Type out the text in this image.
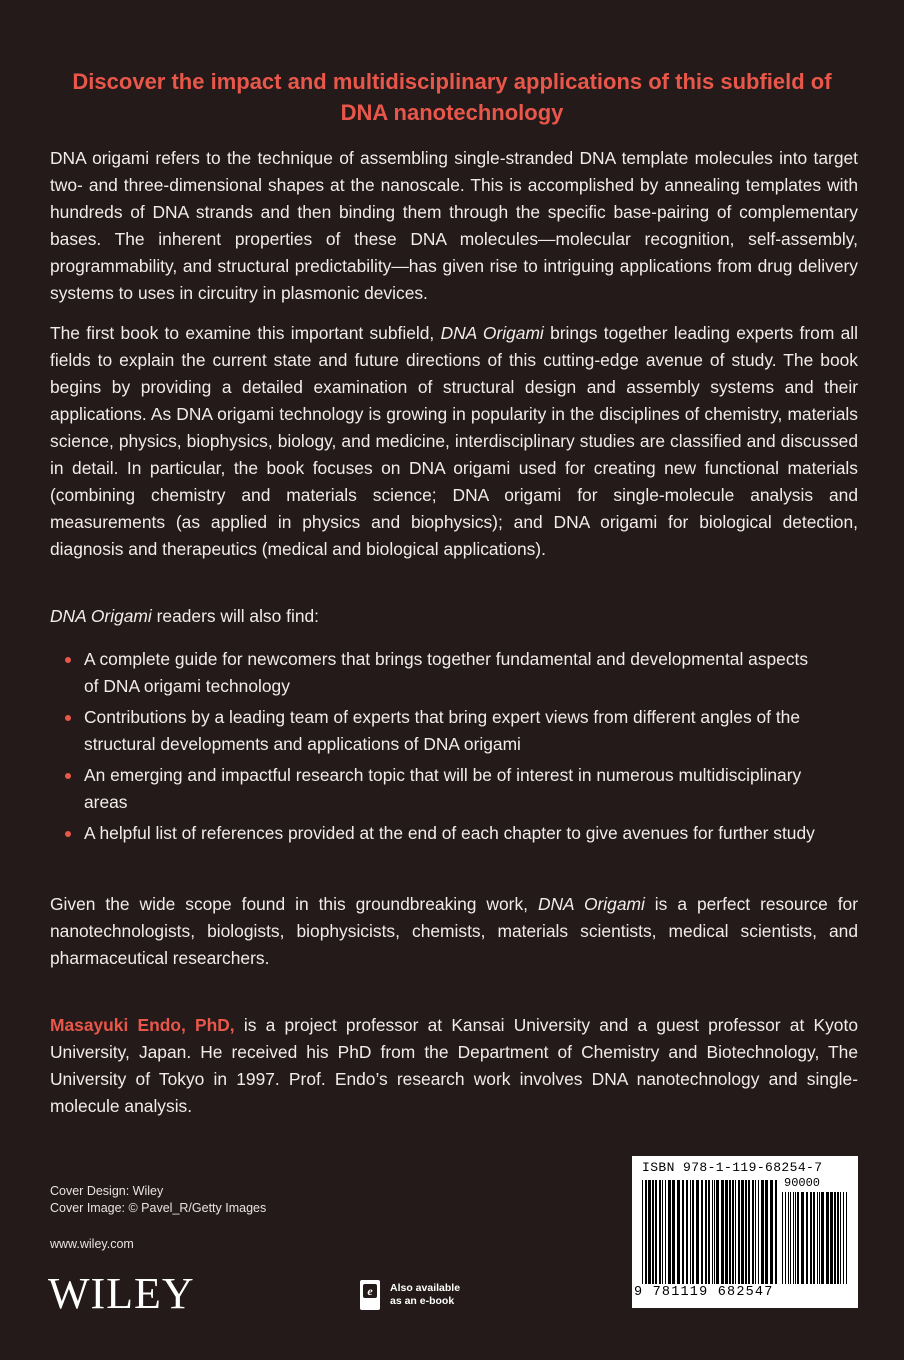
Discover the impact and multidisciplinary applications of this subfield of DNA nanotechnology

DNA origami refers to the technique of assembling single-stranded DNA template molecules into target two- and three-dimensional shapes at the nanoscale. This is accomplished by annealing templates with hundreds of DNA strands and then binding them through the specific base-pairing of complementary bases. The inherent properties of these DNA molecules—molecular recognition, self-assembly, programmability, and structural predictability—has given rise to intriguing applications from drug delivery systems to uses in circuitry in plasmonic devices.

The first book to examine this important subfield, DNA Origami brings together leading experts from all fields to explain the current state and future directions of this cutting-edge avenue of study. The book begins by providing a detailed examination of structural design and assembly systems and their applications. As DNA origami technology is growing in popularity in the disciplines of chemistry, materials science, physics, biophysics, biology, and medicine, interdisciplinary studies are classified and discussed in detail. In particular, the book focuses on DNA origami used for creating new functional materials (combining chemistry and materials science; DNA origami for single-molecule analysis and measurements (as applied in physics and biophysics); and DNA origami for biological detection, diagnosis and therapeutics (medical and biological applications).

DNA Origami readers will also find:

A complete guide for newcomers that brings together fundamental and developmental aspects of DNA origami technology
Contributions by a leading team of experts that bring expert views from different angles of the structural developments and applications of DNA origami
An emerging and impactful research topic that will be of interest in numerous multidisciplinary areas
A helpful list of references provided at the end of each chapter to give avenues for further study

Given the wide scope found in this groundbreaking work, DNA Origami is a perfect resource for nanotechnologists, biologists, biophysicists, chemists, materials scientists, medical scientists, and pharmaceutical researchers.

Masayuki Endo, PhD, is a project professor at Kansai University and a guest professor at Kyoto University, Japan. He received his PhD from the Department of Chemistry and Biotechnology, The University of Tokyo in 1997. Prof. Endo’s research work involves DNA nanotechnology and single-molecule analysis.

Cover Design: Wiley
Cover Image: © Pavel_R/Getty Images
www.wiley.com
WILEY	e	Also available
as an e-book
ISBN 978-1-119-68254-7
90000
9 781119 682547
